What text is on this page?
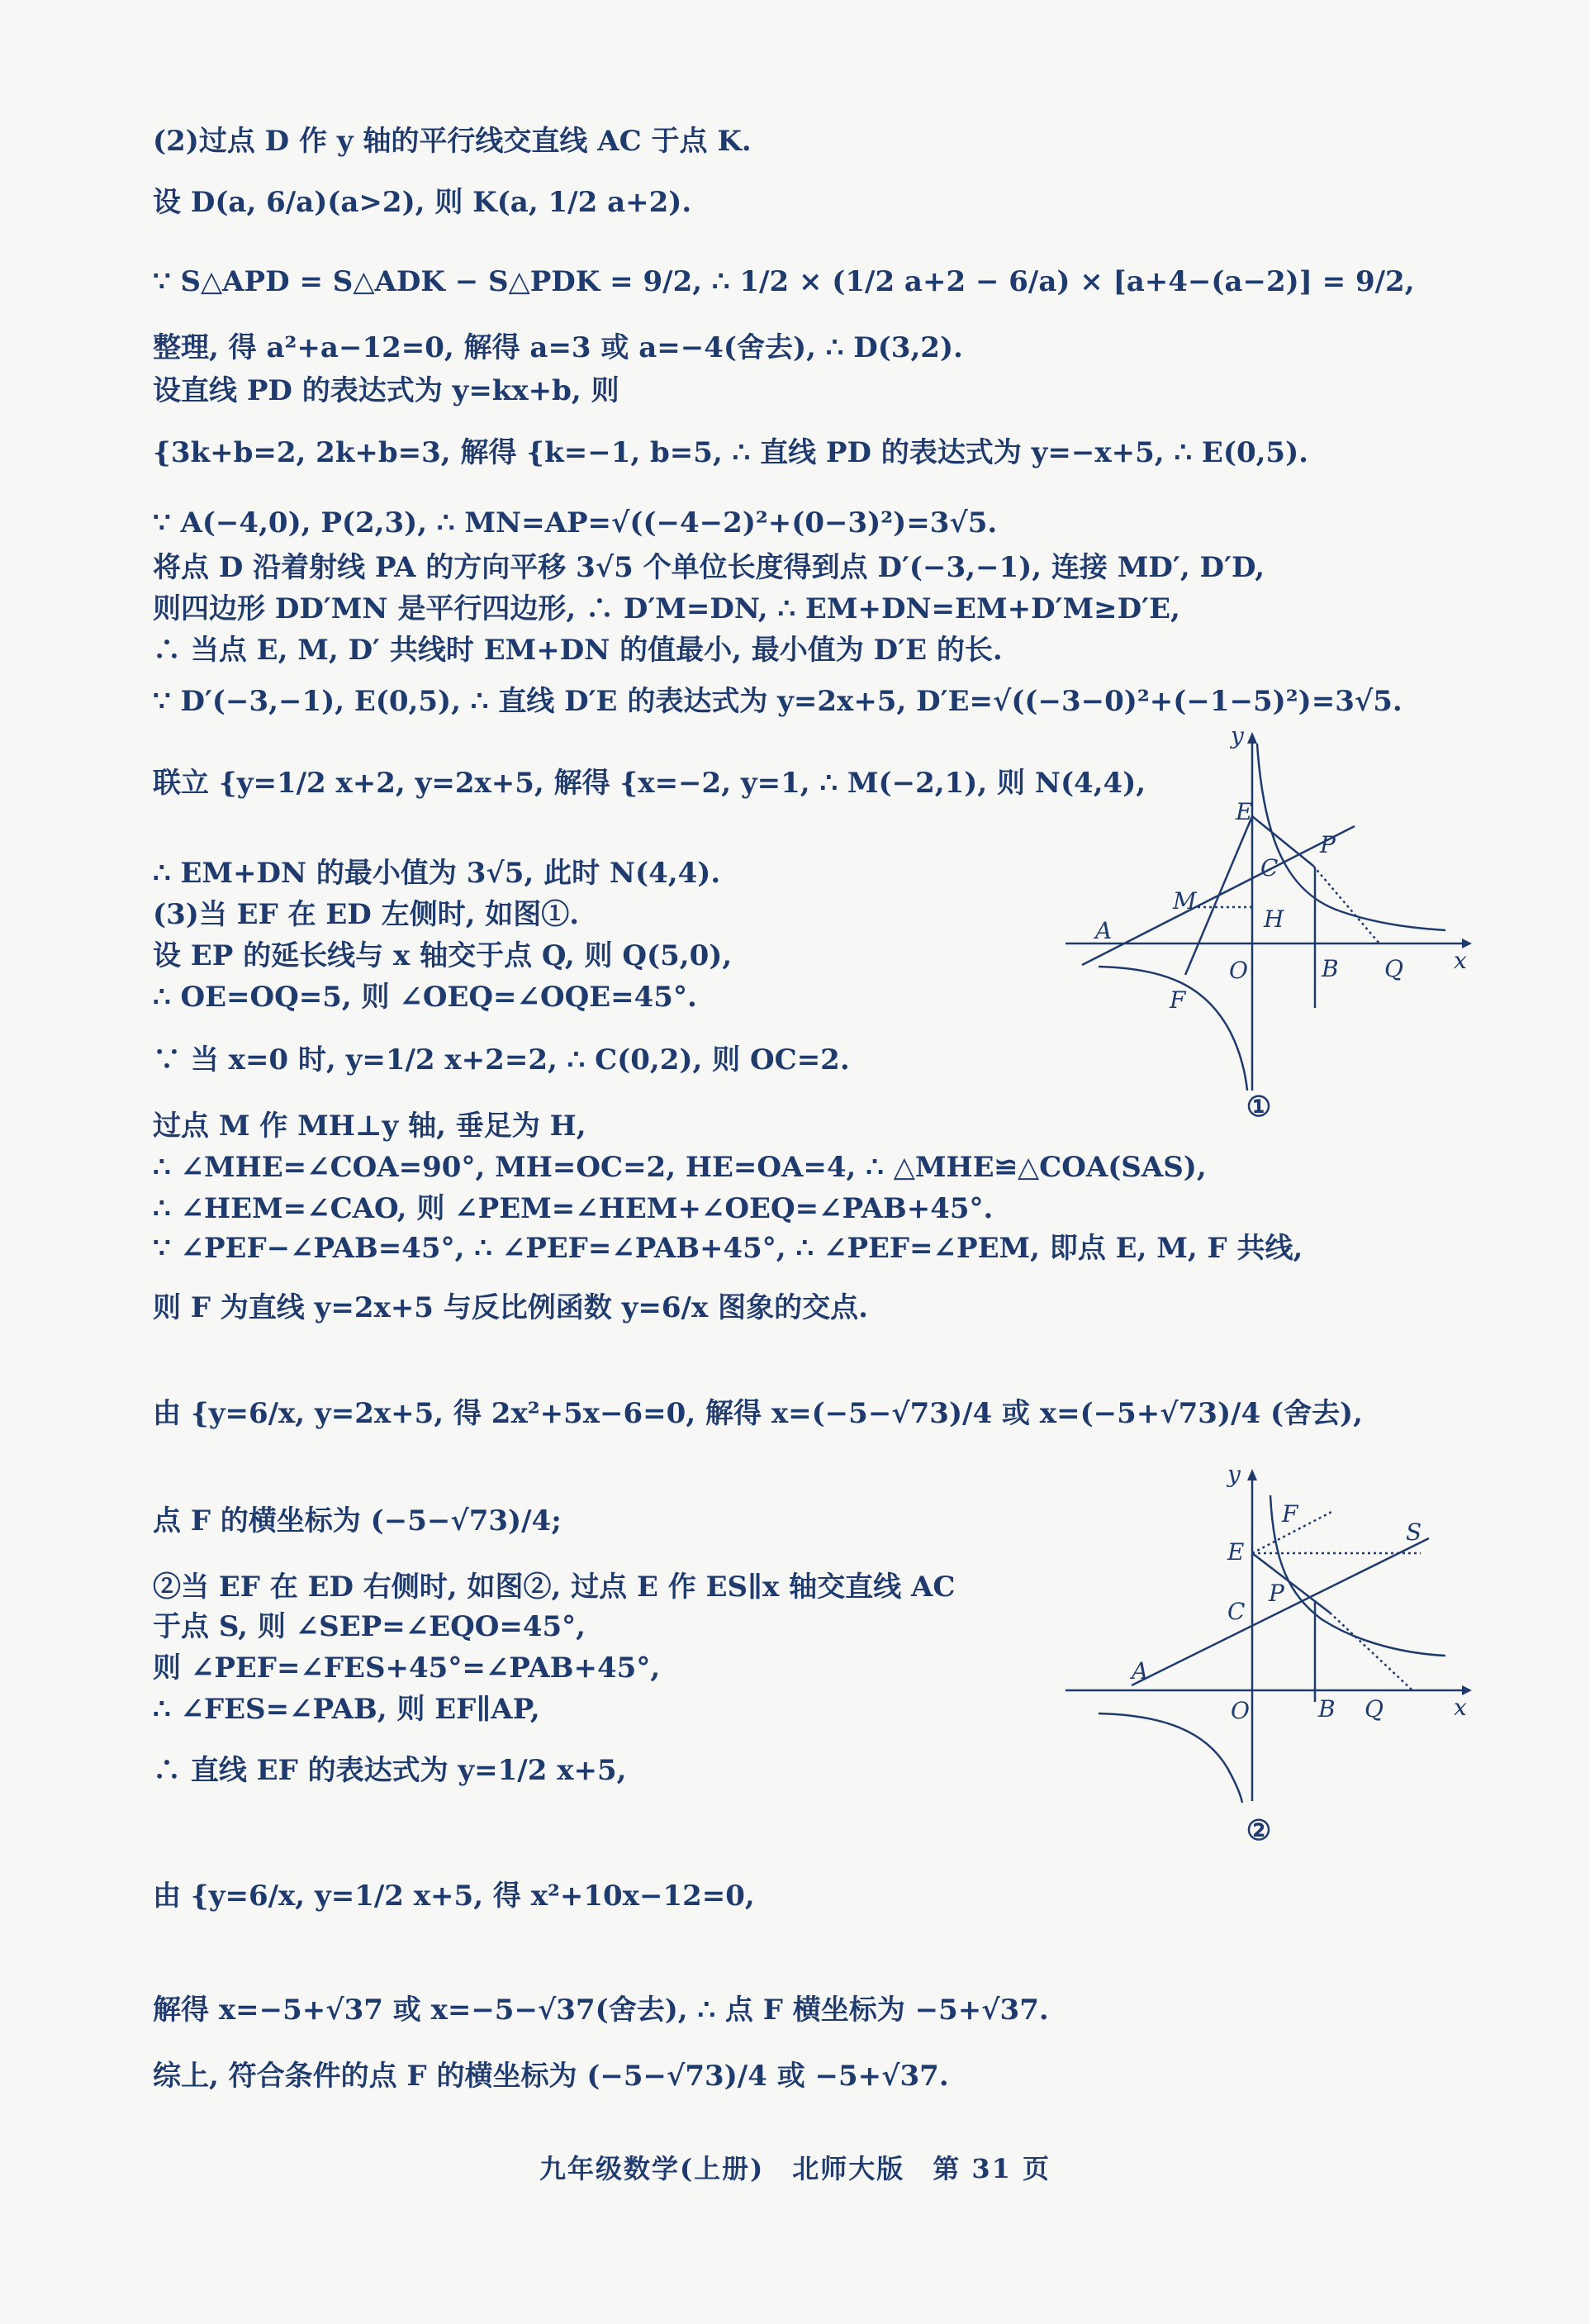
(2)过点 D 作 y 轴的平行线交直线 AC 于点 K.
设 D(a, 6/a)(a>2), 则 K(a, 1/2 a+2).
∵ S△APD = S△ADK − S△PDK = 9/2, ∴ 1/2 × (1/2 a+2 − 6/a) × [a+4−(a−2)] = 9/2,
整理, 得 a²+a−12=0, 解得 a=3 或 a=−4(舍去), ∴ D(3,2).
设直线 PD 的表达式为 y=kx+b, 则
{3k+b=2, 2k+b=3, 解得 {k=−1, b=5, ∴ 直线 PD 的表达式为 y=−x+5, ∴ E(0,5).
∵ A(−4,0), P(2,3), ∴ MN=AP=√((−4−2)²+(0−3)²)=3√5.
将点 D 沿着射线 PA 的方向平移 3√5 个单位长度得到点 D′(−3,−1), 连接 MD′, D′D,
则四边形 DD′MN 是平行四边形, ∴ D′M=DN, ∴ EM+DN=EM+D′M≥D′E,
∴ 当点 E, M, D′ 共线时 EM+DN 的值最小, 最小值为 D′E 的长.
∵ D′(−3,−1), E(0,5), ∴ 直线 D′E 的表达式为 y=2x+5, D′E=√((−3−0)²+(−1−5)²)=3√5.
联立 {y=1/2 x+2, y=2x+5, 解得 {x=−2, y=1, ∴ M(−2,1), 则 N(4,4),
∴ EM+DN 的最小值为 3√5, 此时 N(4,4).
(3)当 EF 在 ED 左侧时, 如图①.
设 EP 的延长线与 x 轴交于点 Q, 则 Q(5,0),
∴ OE=OQ=5, 则 ∠OEQ=∠OQE=45°.
∵ 当 x=0 时, y=1/2 x+2=2, ∴ C(0,2), 则 OC=2.
过点 M 作 MH⊥y 轴, 垂足为 H,
∴ ∠MHE=∠COA=90°, MH=OC=2, HE=OA=4, ∴ △MHE≌△COA(SAS),
∴ ∠HEM=∠CAO, 则 ∠PEM=∠HEM+∠OEQ=∠PAB+45°.
∵ ∠PEF−∠PAB=45°, ∴ ∠PEF=∠PAB+45°, ∴ ∠PEF=∠PEM, 即点 E, M, F 共线,
则 F 为直线 y=2x+5 与反比例函数 y=6/x 图象的交点.
由 {y=6/x, y=2x+5, 得 2x²+5x−6=0, 解得 x=(−5−√73)/4 或 x=(−5+√73)/4 (舍去),
点 F 的横坐标为 (−5−√73)/4;
②当 EF 在 ED 右侧时, 如图②, 过点 E 作 ES∥x 轴交直线 AC
于点 S, 则 ∠SEP=∠EQO=45°,
则 ∠PEF=∠FES+45°=∠PAB+45°,
∴ ∠FES=∠PAB, 则 EF∥AP,
∴ 直线 EF 的表达式为 y=1/2 x+5,
由 {y=6/x, y=1/2 x+5, 得 x²+10x−12=0,
解得 x=−5+√37 或 x=−5−√37(舍去), ∴ 点 F 横坐标为 −5+√37.
综上, 符合条件的点 F 的横坐标为 (−5−√73)/4 或 −5+√37.
y
x
E
P
C
M
H
A
O	B Q
F
①
y
x
F
S
E
P
C
A
O	B Q
②
九年级数学(上册)　北师大版　第 31 页
